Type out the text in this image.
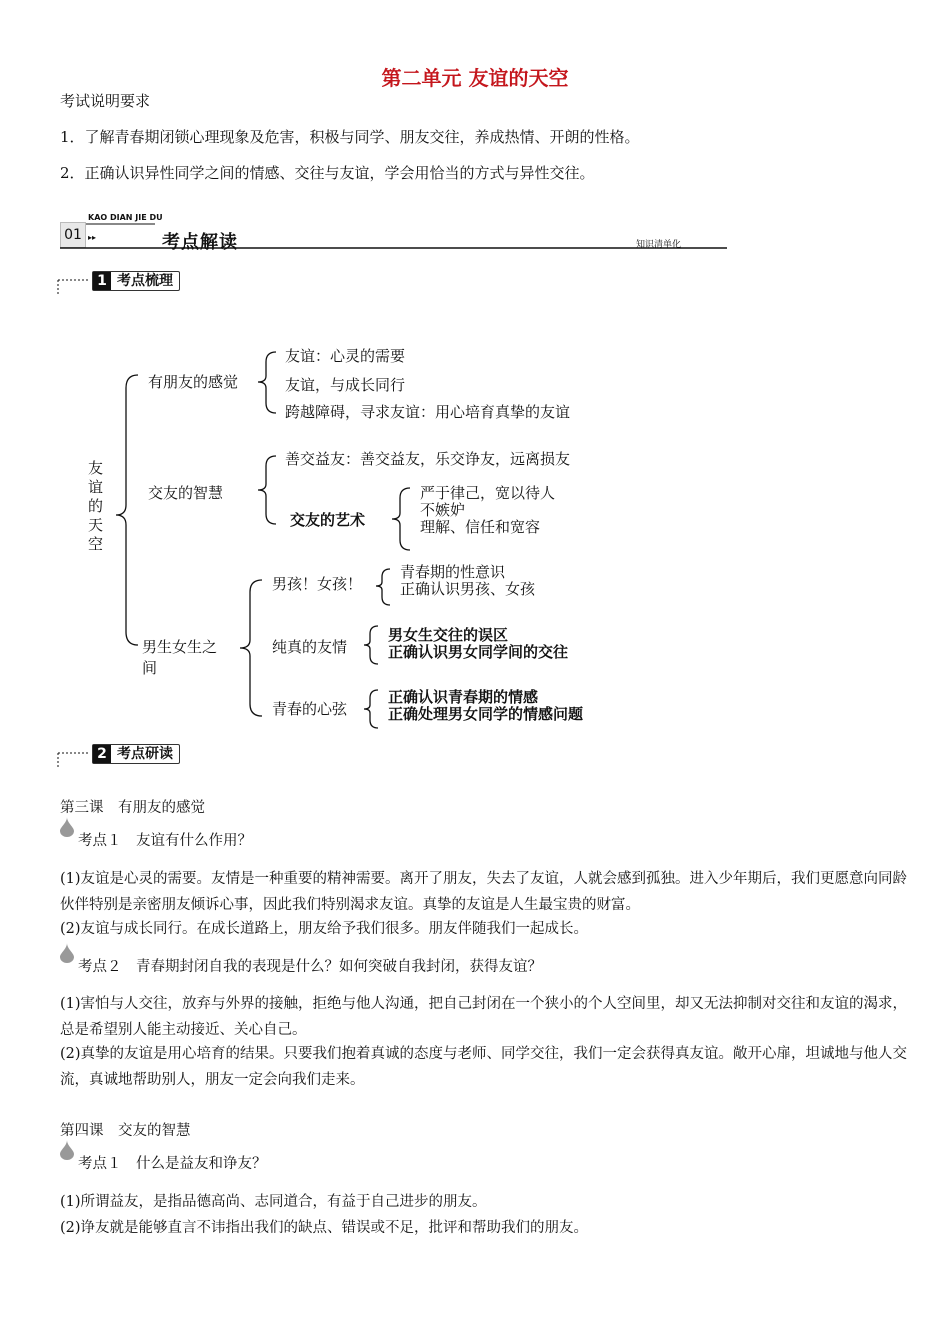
第二单元 友谊的天空
考试说明要求
1．了解青春期闭锁心理现象及危害，积极与同学、朋友交往，养成热情、开朗的性格。
2．正确认识异性同学之间的情感、交往与友谊，学会用恰当的方式与异性交往。
01
KAO DIAN JIE DU
▸▸	考点解读	知识清单化
1 考点梳理
2 考点研读
友谊的天空
有朋友的感觉
友谊：心灵的需要
友谊，与成长同行
跨越障碍，寻求友谊：用心培育真挚的友谊
交友的智慧
善交益友：善交益友，乐交诤友，远离损友
交友的艺术
严于律己，宽以待人
不嫉妒
理解、信任和宽容
男生女生之间
男孩！女孩！
青春期的性意识
正确认识男孩、女孩
纯真的友情
男女生交往的误区
正确认识男女同学间的交往
青春的心弦
正确认识青春期的情感
正确处理男女同学的情感问题
第三课　有朋友的感觉
考点１　友谊有什么作用？
(1)友谊是心灵的需要。友情是一种重要的精神需要。离开了朋友，失去了友谊，人就会感到孤独。进入少年期后，我们更愿意向同龄伙伴特别是亲密朋友倾诉心事，因此我们特别渴求友谊。真挚的友谊是人生最宝贵的财富。
(2)友谊与成长同行。在成长道路上，朋友给予我们很多。朋友伴随我们一起成长。
考点２　青春期封闭自我的表现是什么？如何突破自我封闭，获得友谊？
(1)害怕与人交往，放弃与外界的接触，拒绝与他人沟通，把自己封闭在一个狭小的个人空间里，却又无法抑制对交往和友谊的渴求，总是希望别人能主动接近、关心自己。
(2)真挚的友谊是用心培育的结果。只要我们抱着真诚的态度与老师、同学交往，我们一定会获得真友谊。敞开心扉，坦诚地与他人交流，真诚地帮助别人，朋友一定会向我们走来。
第四课　交友的智慧
考点１　什么是益友和诤友？
(1)所谓益友，是指品德高尚、志同道合，有益于自己进步的朋友。
(2)诤友就是能够直言不讳指出我们的缺点、错误或不足，批评和帮助我们的朋友。
